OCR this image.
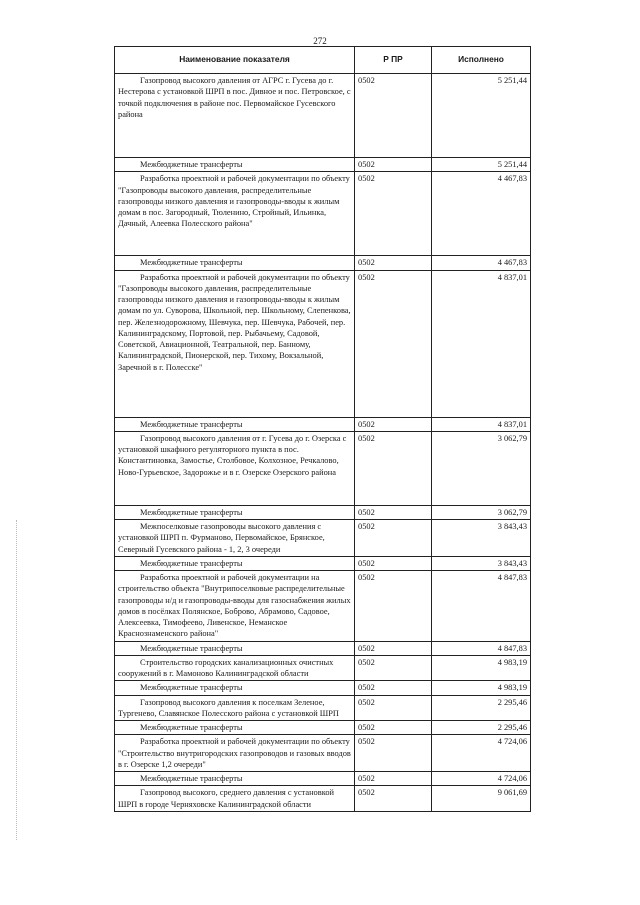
272
Наименование показателя	Р ПР	Исполнено
Газопровод высокого давления от АГРС г. Гусева до г. Нестерова с установкой ШРП в пос. Дивное и пос. Петровское, с точкой подключения в районе пос. Первомайское Гусевского района	0502	5 251,44
Межбюджетные трансферты	0502	5 251,44
Разработка проектной и рабочей документации по объекту "Газопроводы высокого давления, распределительные газопроводы низкого давления и газопроводы-вводы к жилым домам в пос. Загородный, Тюленино, Стройный, Ильинка, Дачный, Алеевка Полесского района"	0502	4 467,83
Межбюджетные трансферты	0502	4 467,83
Разработка проектной и рабочей документации по объекту "Газопроводы высокого давления, распределительные газопроводы низкого давления и газопроводы-вводы к жилым домам по ул. Суворова, Школьной, пер. Школьному, Слепенкова, пер. Железнодорожному, Шевчука, пер. Шевчука, Рабочей, пер. Калининградскому, Портовой, пер. Рыбачьему, Садовой, Советской, Авиационной, Театральной, пер. Банному, Калининградской, Пионерской, пер. Тихому, Вокзальной, Заречной в г. Полесске"	0502	4 837,01
Межбюджетные трансферты	0502	4 837,01
Газопровод высокого давления от г. Гусева до г. Озерска с установкой шкафного регуляторного пункта в пос. Константиновка, Замостье, Столбовое, Колхозное, Речкалово, Ново-Гурьевское, Задорожье и в г. Озерске Озерского района	0502	3 062,79
Межбюджетные трансферты	0502	3 062,79
Межпоселковые газопроводы высокого давления с установкой ШРП п. Фурманово, Первомайское, Брянское, Северный Гусевского района - 1, 2, 3 очереди	0502	3 843,43
Межбюджетные трансферты	0502	3 843,43
Разработка проектной и рабочей документации на строительство объекта "Внутрипоселковые распределительные газопроводы н/д и газопроводы-вводы для газоснабжения жилых домов в посёлках Полянское, Боброво, Абрамово, Садовое, Алексеевка, Тимофеево, Ливенское, Неманское Краснознаменского района"	0502	4 847,83
Межбюджетные трансферты	0502	4 847,83
Строительство городских канализационных очистных сооружений в г. Мамоново Калининградской области	0502	4 983,19
Межбюджетные трансферты	0502	4 983,19
Газопровод высокого давления к поселкам Зеленое, Тургенево, Славянское Полесского района с установкой ШРП	0502	2 295,46
Межбюджетные трансферты	0502	2 295,46
Разработка проектной и рабочей документации по объекту "Строительство внутригородских газопроводов и газовых вводов в г. Озерске 1,2 очереди"	0502	4 724,06
Межбюджетные трансферты	0502	4 724,06
Газопровод высокого, среднего давления с установкой ШРП в городе Черняховске Калининградской области	0502	9 061,69
